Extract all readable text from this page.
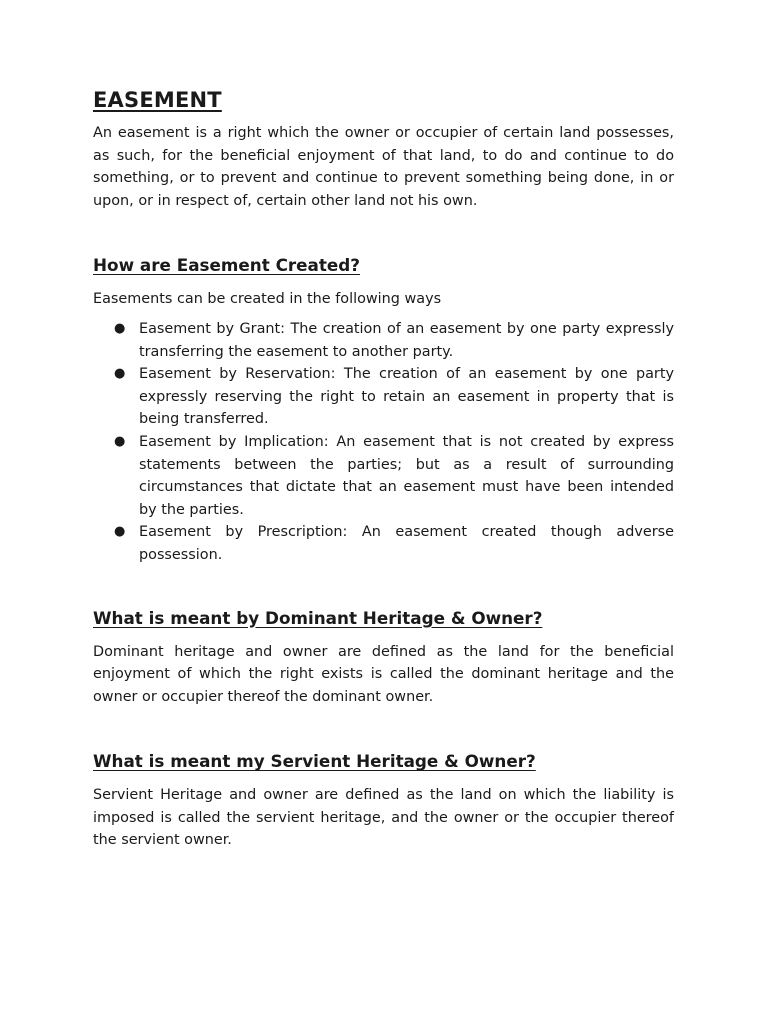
EASEMENT

An easement is a right which the owner or occupier of certain land possesses, as such, for the beneficial enjoyment of that land, to do and continue to do something, or to prevent and continue to prevent something being done, in or upon, or in respect of, certain other land not his own.

How are Easement Created?

Easements can be created in the following ways

● Easement by Grant: The creation of an easement by one party expressly transferring the easement to another party.
● Easement by Reservation: The creation of an easement by one party expressly reserving the right to retain an easement in property that is being transferred.
● Easement by Implication: An easement that is not created by express statements between the parties; but as a result of surrounding circumstances that dictate that an easement must have been intended by the parties.
● Easement by Prescription: An easement created though adverse possession.
What is meant by Dominant Heritage & Owner?

Dominant heritage and owner are defined as the land for the beneficial enjoyment of which the right exists is called the dominant heritage and the owner or occupier thereof the dominant owner.

What is meant my Servient Heritage & Owner?

Servient Heritage and owner are defined as the land on which the liability is imposed is called the servient heritage, and the owner or the occupier thereof the servient owner.
